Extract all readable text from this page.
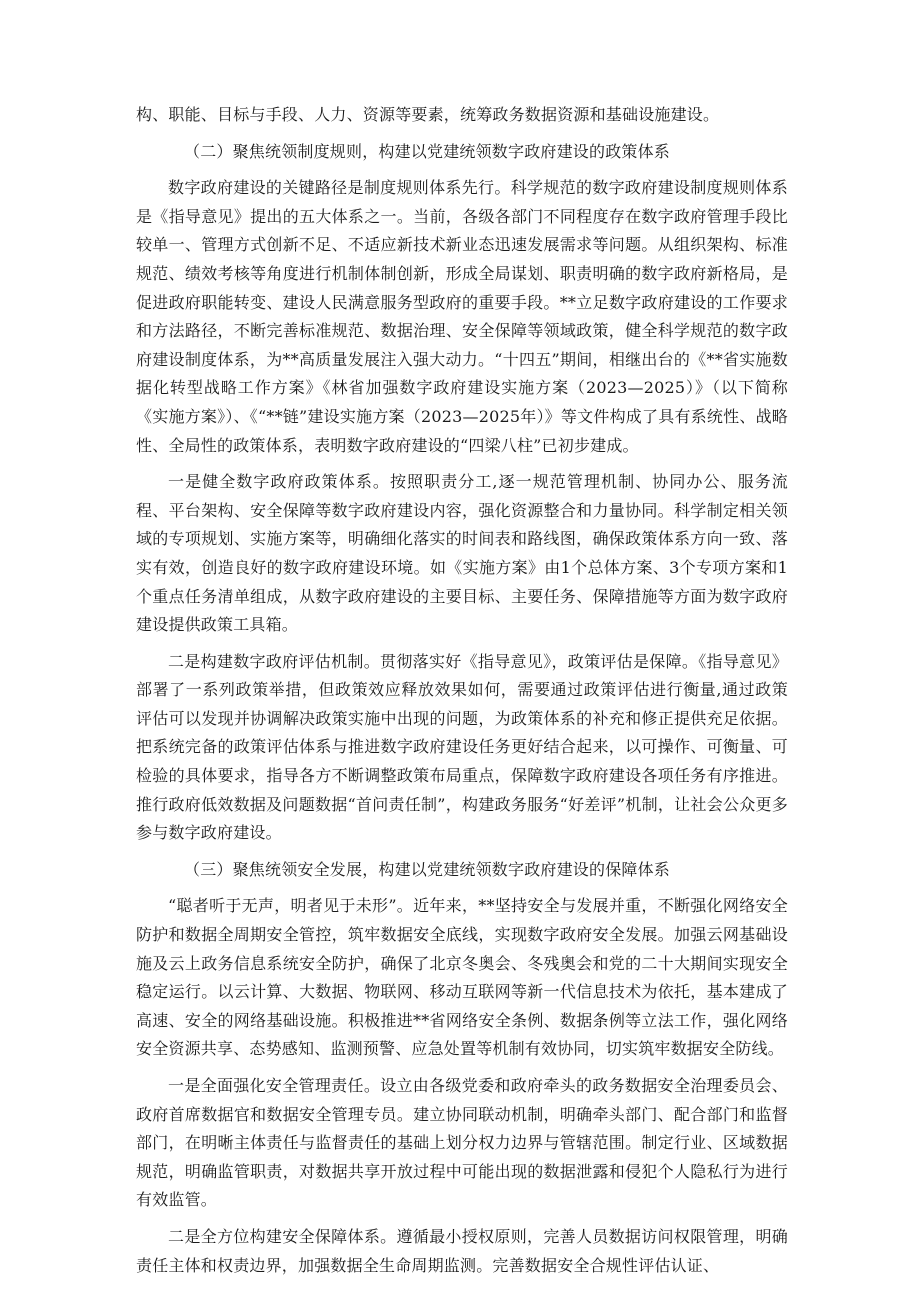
构、职能、目标与手段、人力、资源等要素，统筹政务数据资源和基础设施建设。

（二）聚焦统领制度规则，构建以党建统领数字政府建设的政策体系

数字政府建设的关键路径是制度规则体系先行。科学规范的数字政府建设制度规则体系是《指导意见》提出的五大体系之一。当前，各级各部门不同程度存在数字政府管理手段比较单一、管理方式创新不足、不适应新技术新业态迅速发展需求等问题。从组织架构、标准规范、绩效考核等角度进行机制体制创新，形成全局谋划、职责明确的数字政府新格局，是促进政府职能转变、建设人民满意服务型政府的重要手段。**立足数字政府建设的工作要求和方法路径，不断完善标准规范、数据治理、安全保障等领域政策，健全科学规范的数字政府建设制度体系，为**高质量发展注入强大动力。“十四五”期间，相继出台的《**省实施数据化转型战略工作方案》《林省加强数字政府建设实施方案（2023—2025）》（以下简称《实施方案》）、《“**链”建设实施方案（2023—2025年）》等文件构成了具有系统性、战略性、全局性的政策体系，表明数字政府建设的“四梁八柱”已初步建成。

一是健全数字政府政策体系。按照职责分工,逐一规范管理机制、协同办公、服务流程、平台架构、安全保障等数字政府建设内容，强化资源整合和力量协同。科学制定相关领域的专项规划、实施方案等，明确细化落实的时间表和路线图，确保政策体系方向一致、落实有效，创造良好的数字政府建设环境。如《实施方案》由1个总体方案、3个专项方案和1个重点任务清单组成，从数字政府建设的主要目标、主要任务、保障措施等方面为数字政府建设提供政策工具箱。

二是构建数字政府评估机制。贯彻落实好《指导意见》，政策评估是保障。《指导意见》部署了一系列政策举措，但政策效应释放效果如何，需要通过政策评估进行衡量,通过政策评估可以发现并协调解决政策实施中出现的问题，为政策体系的补充和修正提供充足依据。把系统完备的政策评估体系与推进数字政府建设任务更好结合起来，以可操作、可衡量、可检验的具体要求，指导各方不断调整政策布局重点，保障数字政府建设各项任务有序推进。推行政府低效数据及问题数据“首问责任制”，构建政务服务“好差评”机制，让社会公众更多参与数字政府建设。

（三）聚焦统领安全发展，构建以党建统领数字政府建设的保障体系

“聪者听于无声，明者见于未形”。近年来，**坚持安全与发展并重，不断强化网络安全防护和数据全周期安全管控，筑牢数据安全底线，实现数字政府安全发展。加强云网基础设施及云上政务信息系统安全防护，确保了北京冬奥会、冬残奥会和党的二十大期间实现安全稳定运行。以云计算、大数据、物联网、移动互联网等新一代信息技术为依托，基本建成了高速、安全的网络基础设施。积极推进**省网络安全条例、数据条例等立法工作，强化网络安全资源共享、态势感知、监测预警、应急处置等机制有效协同，切实筑牢数据安全防线。

一是全面强化安全管理责任。设立由各级党委和政府牵头的政务数据安全治理委员会、政府首席数据官和数据安全管理专员。建立协同联动机制，明确牵头部门、配合部门和监督部门，在明晰主体责任与监督责任的基础上划分权力边界与管辖范围。制定行业、区域数据规范，明确监管职责，对数据共享开放过程中可能出现的数据泄露和侵犯个人隐私行为进行有效监管。

二是全方位构建安全保障体系。遵循最小授权原则，完善人员数据访问权限管理，明确责任主体和权责边界，加强数据全生命周期监测。完善数据安全合规性评估认证、
